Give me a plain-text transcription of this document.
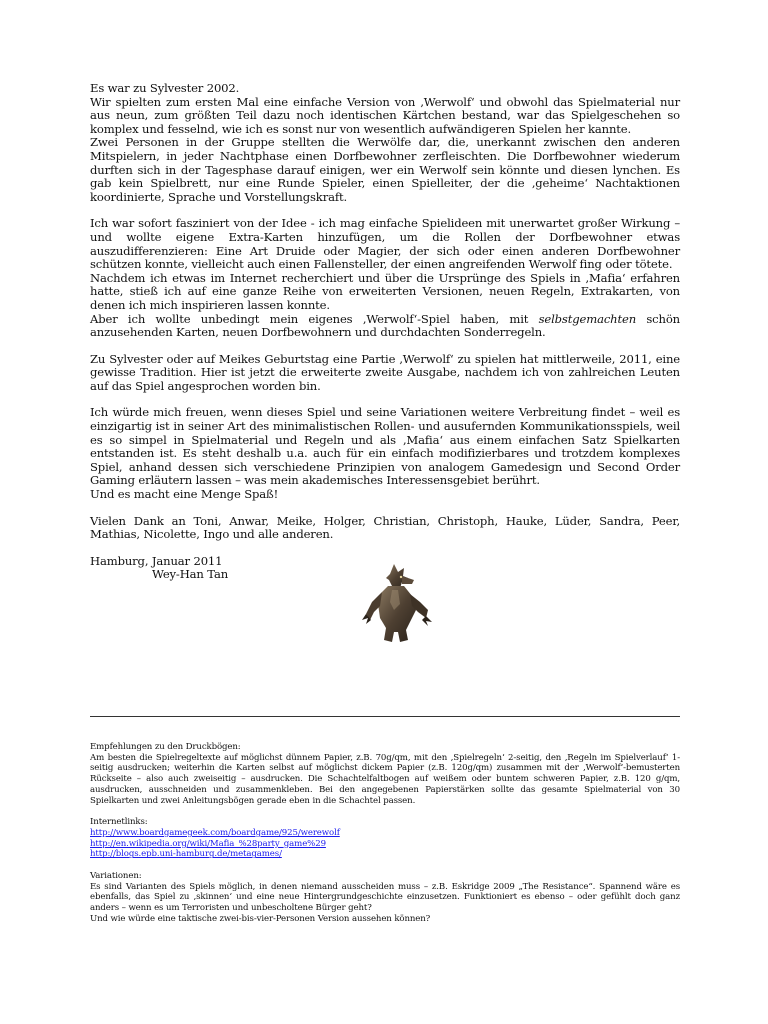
Es war zu Sylvester 2002.

Wir spielten zum ersten Mal eine einfache Version von ‚Werwolf‘ und obwohl das Spielmaterial nur aus neun, zum größten Teil dazu noch identischen Kärtchen bestand, war das Spielgeschehen so komplex und fesselnd, wie ich es sonst nur von wesentlich aufwändigeren Spielen her kannte.

Zwei Personen in der Gruppe stellten die Werwölfe dar, die, unerkannt zwischen den anderen Mitspielern, in jeder Nachtphase einen Dorfbewohner zerfleischten. Die Dorfbewohner wiederum durften sich in der Tagesphase darauf einigen, wer ein Werwolf sein könnte und diesen lynchen. Es gab kein Spielbrett, nur eine Runde Spieler, einen Spielleiter, der die ‚geheime‘ Nachtaktionen koordinierte, Sprache und Vorstellungskraft.

Ich war sofort fasziniert von der Idee - ich mag einfache Spielideen mit unerwartet großer Wirkung – und wollte eigene Extra-Karten hinzufügen, um die Rollen der Dorfbewohner etwas auszudifferenzieren: Eine Art Druide oder Magier, der sich oder einen anderen Dorfbewohner schützen konnte, vielleicht auch einen Fallensteller, der einen angreifenden Werwolf fing oder tötete.

Nachdem ich etwas im Internet recherchiert und über die Ursprünge des Spiels in ‚Mafia‘ erfahren hatte, stieß ich auf eine ganze Reihe von erweiterten Versionen, neuen Regeln, Extrakarten, von denen ich mich inspirieren lassen konnte.

Aber ich wollte unbedingt mein eigenes ‚Werwolf‘-Spiel haben, mit selbstgemachten schön anzusehenden Karten, neuen Dorfbewohnern und durchdachten Sonderregeln.

Zu Sylvester oder auf Meikes Geburtstag eine Partie ‚Werwolf‘ zu spielen hat mittlerweile, 2011, eine gewisse Tradition. Hier ist jetzt die erweiterte zweite Ausgabe, nachdem ich von zahlreichen Leuten auf das Spiel angesprochen worden bin.

Ich würde mich freuen, wenn dieses Spiel und seine Variationen weitere Verbreitung findet – weil es einzigartig ist in seiner Art des minimalistischen Rollen- und ausufernden Kommunikationsspiels, weil es so simpel in Spielmaterial und Regeln und als ‚Mafia‘ aus einem einfachen Satz Spielkarten entstanden ist. Es steht deshalb u.a. auch für ein einfach modifizierbares und trotzdem komplexes Spiel, anhand dessen sich verschiedene Prinzipien von analogem Gamedesign und Second Order Gaming erläutern lassen – was mein akademisches Interessensgebiet berührt.

Und es macht eine Menge Spaß!

Vielen Dank an Toni, Anwar, Meike, Holger, Christian, Christoph, Hauke, Lüder, Sandra, Peer, Mathias, Nicolette, Ingo und alle anderen.

Hamburg, Januar 2011

Wey-Han Tan

Empfehlungen zu den Druckbögen:

Am besten die Spielregeltexte auf möglichst dünnem Papier, z.B. 70g/qm, mit den ‚Spielregeln‘ 2-seitig, den ‚Regeln im Spielverlauf‘ 1-seitig ausdrucken; weiterhin die Karten selbst auf möglichst dickem Papier (z.B. 120g/qm) zusammen mit der ‚Werwolf‘-bemusterten Rückseite – also auch zweiseitig – ausdrucken. Die Schachtelfaltbogen auf weißem oder buntem schweren Papier, z.B. 120 g/qm, ausdrucken, ausschneiden und zusammenkleben. Bei den angegebenen Papierstärken sollte das gesamte Spielmaterial von 30 Spielkarten und zwei Anleitungsbögen gerade eben in die Schachtel passen.

Internetlinks:

http://www.boardgamegeek.com/boardgame/925/werewolf
http://en.wikipedia.org/wiki/Mafia_%28party_game%29
http://blogs.epb.uni-hamburg.de/metagames/

Variationen:

Es sind Varianten des Spiels möglich, in denen niemand ausscheiden muss – z.B. Eskridge 2009 „The Resistance“. Spannend wäre es ebenfalls, das Spiel zu ‚skinnen‘ und eine neue Hintergrundgeschichte einzusetzen. Funktioniert es ebenso – oder gefühlt doch ganz anders – wenn es um Terroristen und unbescholtene Bürger geht?

Und wie würde eine taktische zwei-bis-vier-Personen Version aussehen können?
